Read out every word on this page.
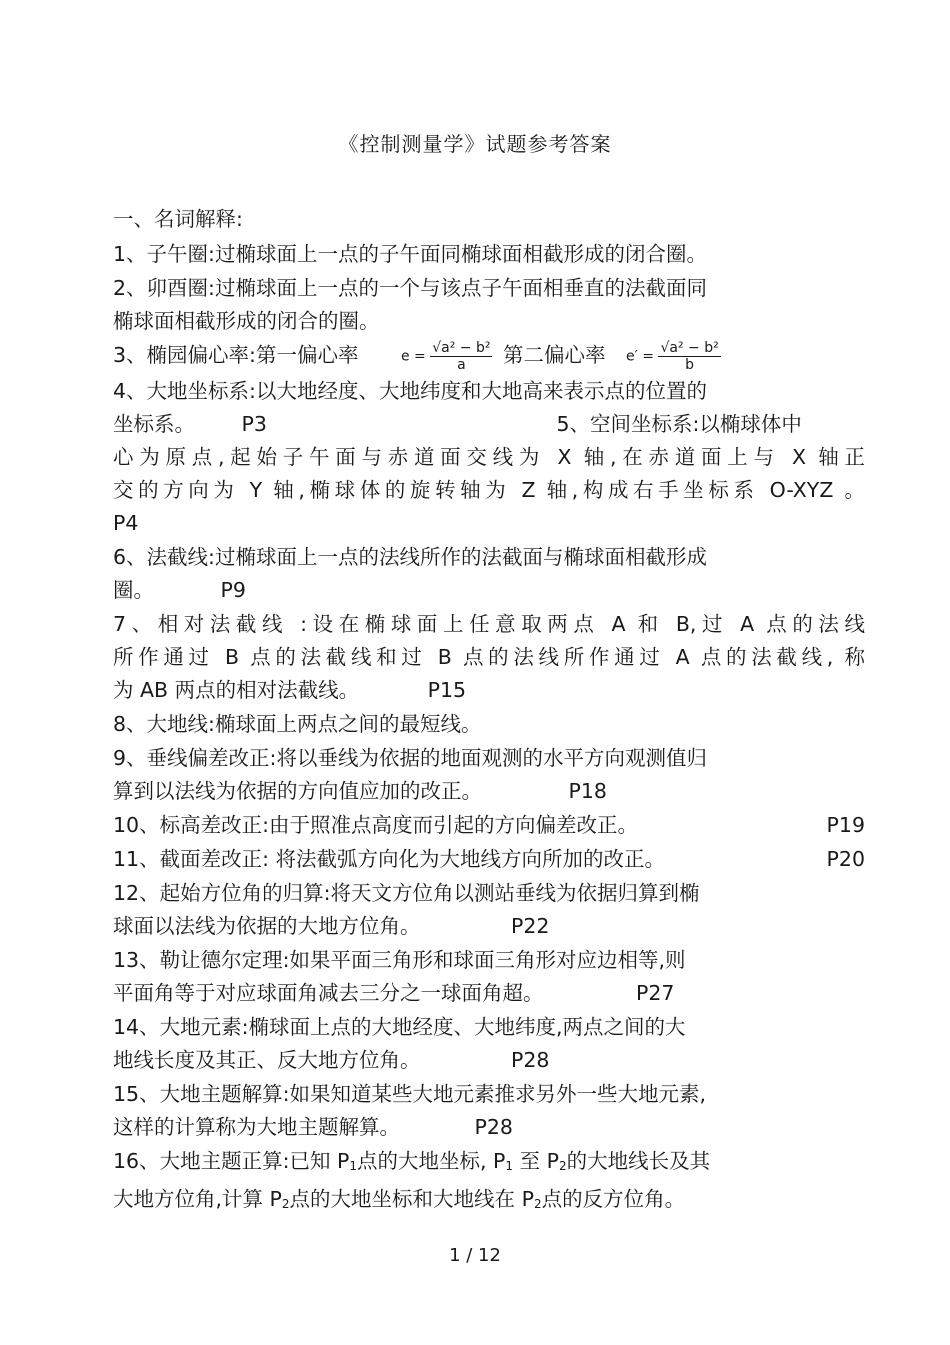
《控制测量学》试题参考答案
一、名词解释:
1、子午圈:过椭球面上一点的子午面同椭球面相截形成的闭合圈。
2、卯酉圈:过椭球面上一点的一个与该点子午面相垂直的法截面同
椭球面相截形成的闭合的圈。
3、椭园偏心率:第一偏心率	$e = \frac{\text{√a² − b²}}{a}$ 第二偏心率 $e' = \frac{\text{√a² − b²}}{b}$
4、大地坐标系:以大地经度、大地纬度和大地高来表示点的位置的
坐标系。 P3	5、空间坐标系:以椭球体中
心为原点,起始子午面与赤道面交线为 X 轴,在赤道面上与 X 轴正
交的方向为 Y 轴,椭球体的旋转轴为 Z 轴,构成右手坐标系 O-XYZ 。
P4
6、法截线:过椭球面上一点的法线所作的法截面与椭球面相截形成
圈。	P9
7、相对法截线 :设在椭球面上任意取两点 A 和 B,过 A 点的法线
所作通过 B 点的法截线和过 B 点的法线所作通过 A 点的法截线, 称
为 AB 两点的相对法截线。	P15
8、大地线:椭球面上两点之间的最短线。
9、垂线偏差改正:将以垂线为依据的地面观测的水平方向观测值归
算到以法线为依据的方向值应加的改正。	P18
10、标高差改正:由于照准点高度而引起的方向偏差改正。	P19
11、截面差改正: 将法截弧方向化为大地线方向所加的改正。	P20
12、起始方位角的归算:将天文方位角以测站垂线为依据归算到椭
球面以法线为依据的大地方位角。	P22
13、勒让德尔定理:如果平面三角形和球面三角形对应边相等,则
平面角等于对应球面角减去三分之一球面角超。	P27
14、大地元素:椭球面上点的大地经度、大地纬度,两点之间的大
地线长度及其正、反大地方位角。	P28
15、大地主题解算:如果知道某些大地元素推求另外一些大地元素,
这样的计算称为大地主题解算。	P28
16、大地主题正算:已知 P1点的大地坐标, P1 至 P2的大地线长及其
大地方位角,计算 P2点的大地坐标和大地线在 P2点的反方位角。
1 / 12
